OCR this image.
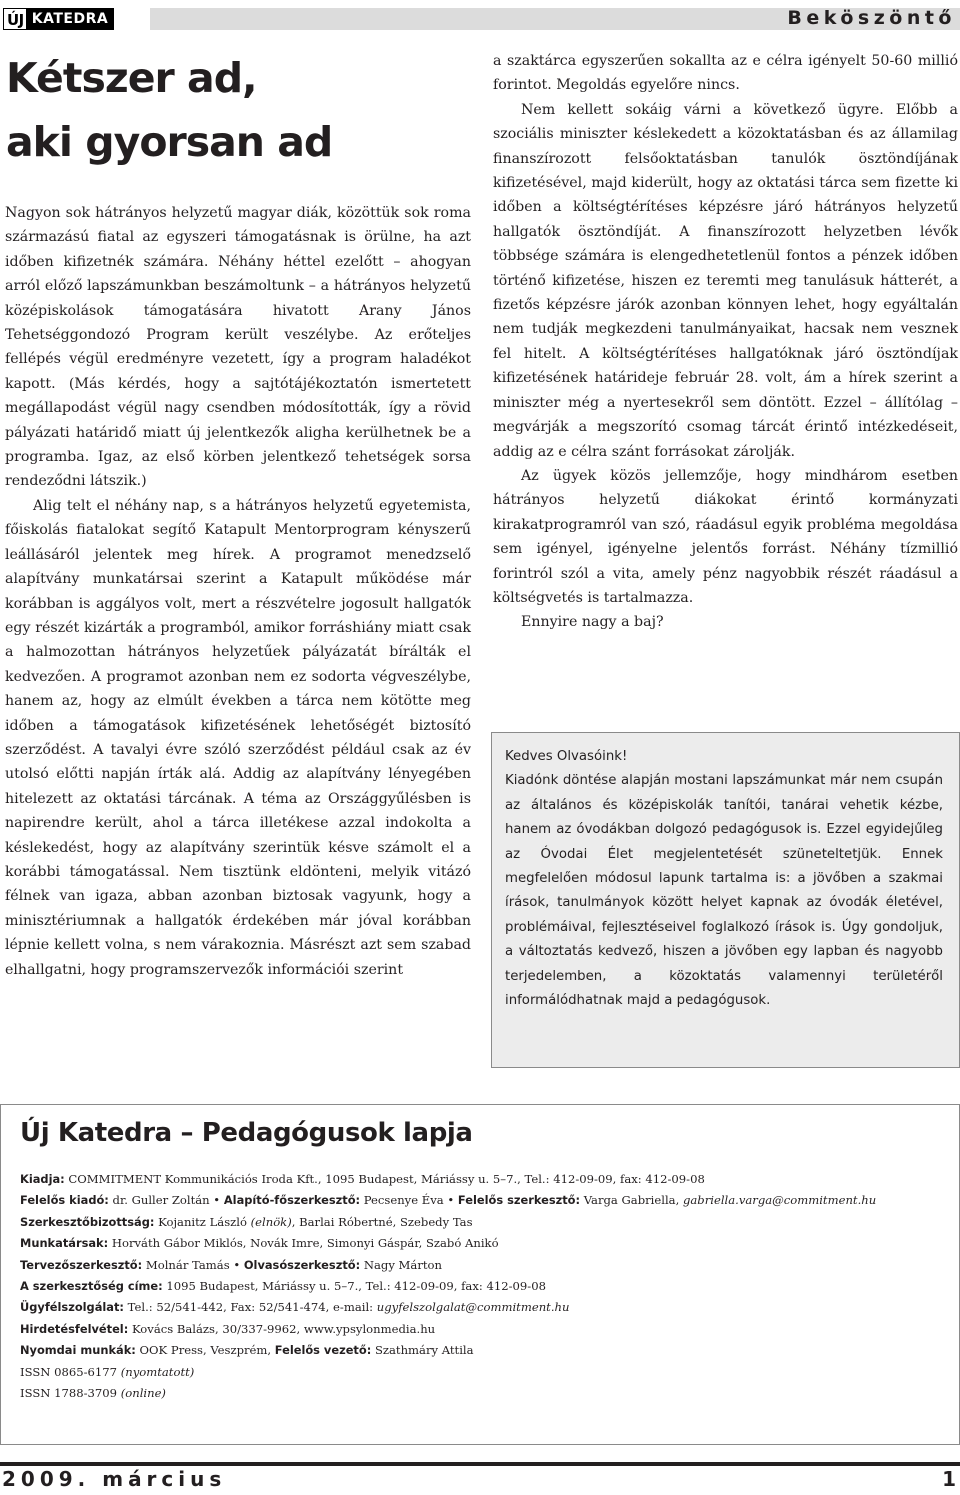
ÚJ KATEDRA	Beköszöntő
Kétszer ad,
aki gyorsan ad

Nagyon sok hátrányos helyzetű magyar diák, közöttük sok roma származású fiatal az egyszeri támogatásnak is örülne, ha azt időben kifizetnék számára. Néhány héttel ezelőtt – ahogyan arról előző lapszámunkban beszámoltunk – a hátrányos helyzetű középiskolások támogatására hivatott Arany János Tehetséggondozó Program került veszélybe. Az erőteljes fellépés végül eredményre vezetett, így a program haladékot kapott. (Más kérdés, hogy a sajtótájékoztatón ismertetett megállapodást végül nagy csendben módosították, így a rövid pályázati határidő miatt új jelentkezők aligha kerülhetnek be a programba. Igaz, az első körben jelentkező tehetségek sorsa rendeződni látszik.)

Alig telt el néhány nap, s a hátrányos helyzetű egyetemista, főiskolás fiatalokat segítő Katapult Mentorprogram kényszerű leállásáról jelentek meg hírek. A programot menedzselő alapítvány munkatársai szerint a Katapult működése már korábban is aggályos volt, mert a részvételre jogosult hallgatók egy részét kizárták a programból, amikor forráshiány miatt csak a halmozottan hátrányos helyzetűek pályázatát bírálták el kedvezően. A programot azonban nem ez sodorta végveszélybe, hanem az, hogy az elmúlt években a tárca nem kötötte meg időben a támogatások kifizetésének lehetőségét biztosító szerződést. A tavalyi évre szóló szerződést például csak az év utolsó előtti napján írták alá. Addig az alapítvány lényegében hitelezett az oktatási tárcának. A téma az Országgyűlésben is napirendre került, ahol a tárca illetékese azzal indokolta a késlekedést, hogy az alapítvány szerintük késve számolt el a korábbi támogatással. Nem tisztünk eldönteni, melyik vitázó félnek van igaza, abban azonban biztosak vagyunk, hogy a minisztériumnak a hallgatók érdekében már jóval korábban lépnie kellett volna, s nem várakoznia. Másrészt azt sem szabad elhallgatni, hogy programszervezők információi szerint

a szaktárca egyszerűen sokallta az e célra igényelt 50-60 millió forintot. Megoldás egyelőre nincs.

Nem kellett sokáig várni a következő ügyre. Előbb a szociális miniszter késlekedett a közoktatásban és az államilag finanszírozott felsőoktatásban tanulók ösztöndíjának kifizetésével, majd kiderült, hogy az oktatási tárca sem fizette ki időben a költségtérítéses képzésre járó hátrányos helyzetű hallgatók ösztöndíját. A finanszírozott helyzetben lévők többsége számára is elengedhetetlenül fontos a pénzek időben történő kifizetése, hiszen ez teremti meg tanulásuk hátterét, a fizetős képzésre járók azonban könnyen lehet, hogy egyáltalán nem tudják megkezdeni tanulmányaikat, hacsak nem vesznek fel hitelt. A költségtérítéses hallgatóknak járó ösztöndíjak kifizetésének határideje február 28. volt, ám a hírek szerint a miniszter még a nyertesekről sem döntött. Ezzel – állítólag – megvárják a megszorító csomag tárcát érintő intézkedéseit, addig az e célra szánt forrásokat zárolják.

Az ügyek közös jellemzője, hogy mindhárom esetben hátrányos helyzetű diákokat érintő kormányzati kirakatprogramról van szó, ráadásul egyik probléma megoldása sem igényel, igényelne jelentős forrást. Néhány tízmillió forintról szól a vita, amely pénz nagyobbik részét ráadásul a költségvetés is tartalmazza.

Ennyire nagy a baj?

Kedves Olvasóink!

Kiadónk döntése alapján mostani lapszámunkat már nem csupán az általános és középiskolák tanítói, tanárai vehetik kézbe, hanem az óvodákban dolgozó pedagógusok is. Ezzel egyidejűleg az Óvodai Élet megjelentetését szüneteltetjük. Ennek megfelelően módosul lapunk tartalma is: a jövőben a szakmai írások, tanulmányok között helyet kapnak az óvodák életével, problémáival, fejlesztéseivel foglalkozó írások is. Úgy gondoljuk, a változtatás kedvező, hiszen a jövőben egy lapban és nagyobb terjedelemben, a közoktatás valamennyi területéről informálódhatnak majd a pedagógusok.

Új Katedra – Pedagógusok lapja
Kiadja: COMMITMENT Kommunikációs Iroda Kft., 1095 Budapest, Máriássy u. 5–7., Tel.: 412-09-09, fax: 412-09-08
Felelős kiadó: dr. Guller Zoltán • Alapító-főszerkesztő: Pecsenye Éva • Felelős szerkesztő: Varga Gabriella, gabriella.varga@commitment.hu
Szerkesztőbizottság: Kojanitz László (elnök), Barlai Róbertné, Szebedy Tas
Munkatársak: Horváth Gábor Miklós, Novák Imre, Simonyi Gáspár, Szabó Anikó
Tervezőszerkesztő: Molnár Tamás • Olvasószerkesztő: Nagy Márton
A szerkesztőség címe: 1095 Budapest, Máriássy u. 5–7., Tel.: 412-09-09, fax: 412-09-08
Ügyfélszolgálat: Tel.: 52/541-442, Fax: 52/541-474, e-mail: ugyfelszolgalat@commitment.hu
Hirdetésfelvétel: Kovács Balázs, 30/337-9962, www.ypsylonmedia.hu
Nyomdai munkák: OOK Press, Veszprém, Felelős vezető: Szathmáry Attila
ISSN 0865-6177 (nyomtatott)
ISSN 1788-3709 (online)
2009. március	1
